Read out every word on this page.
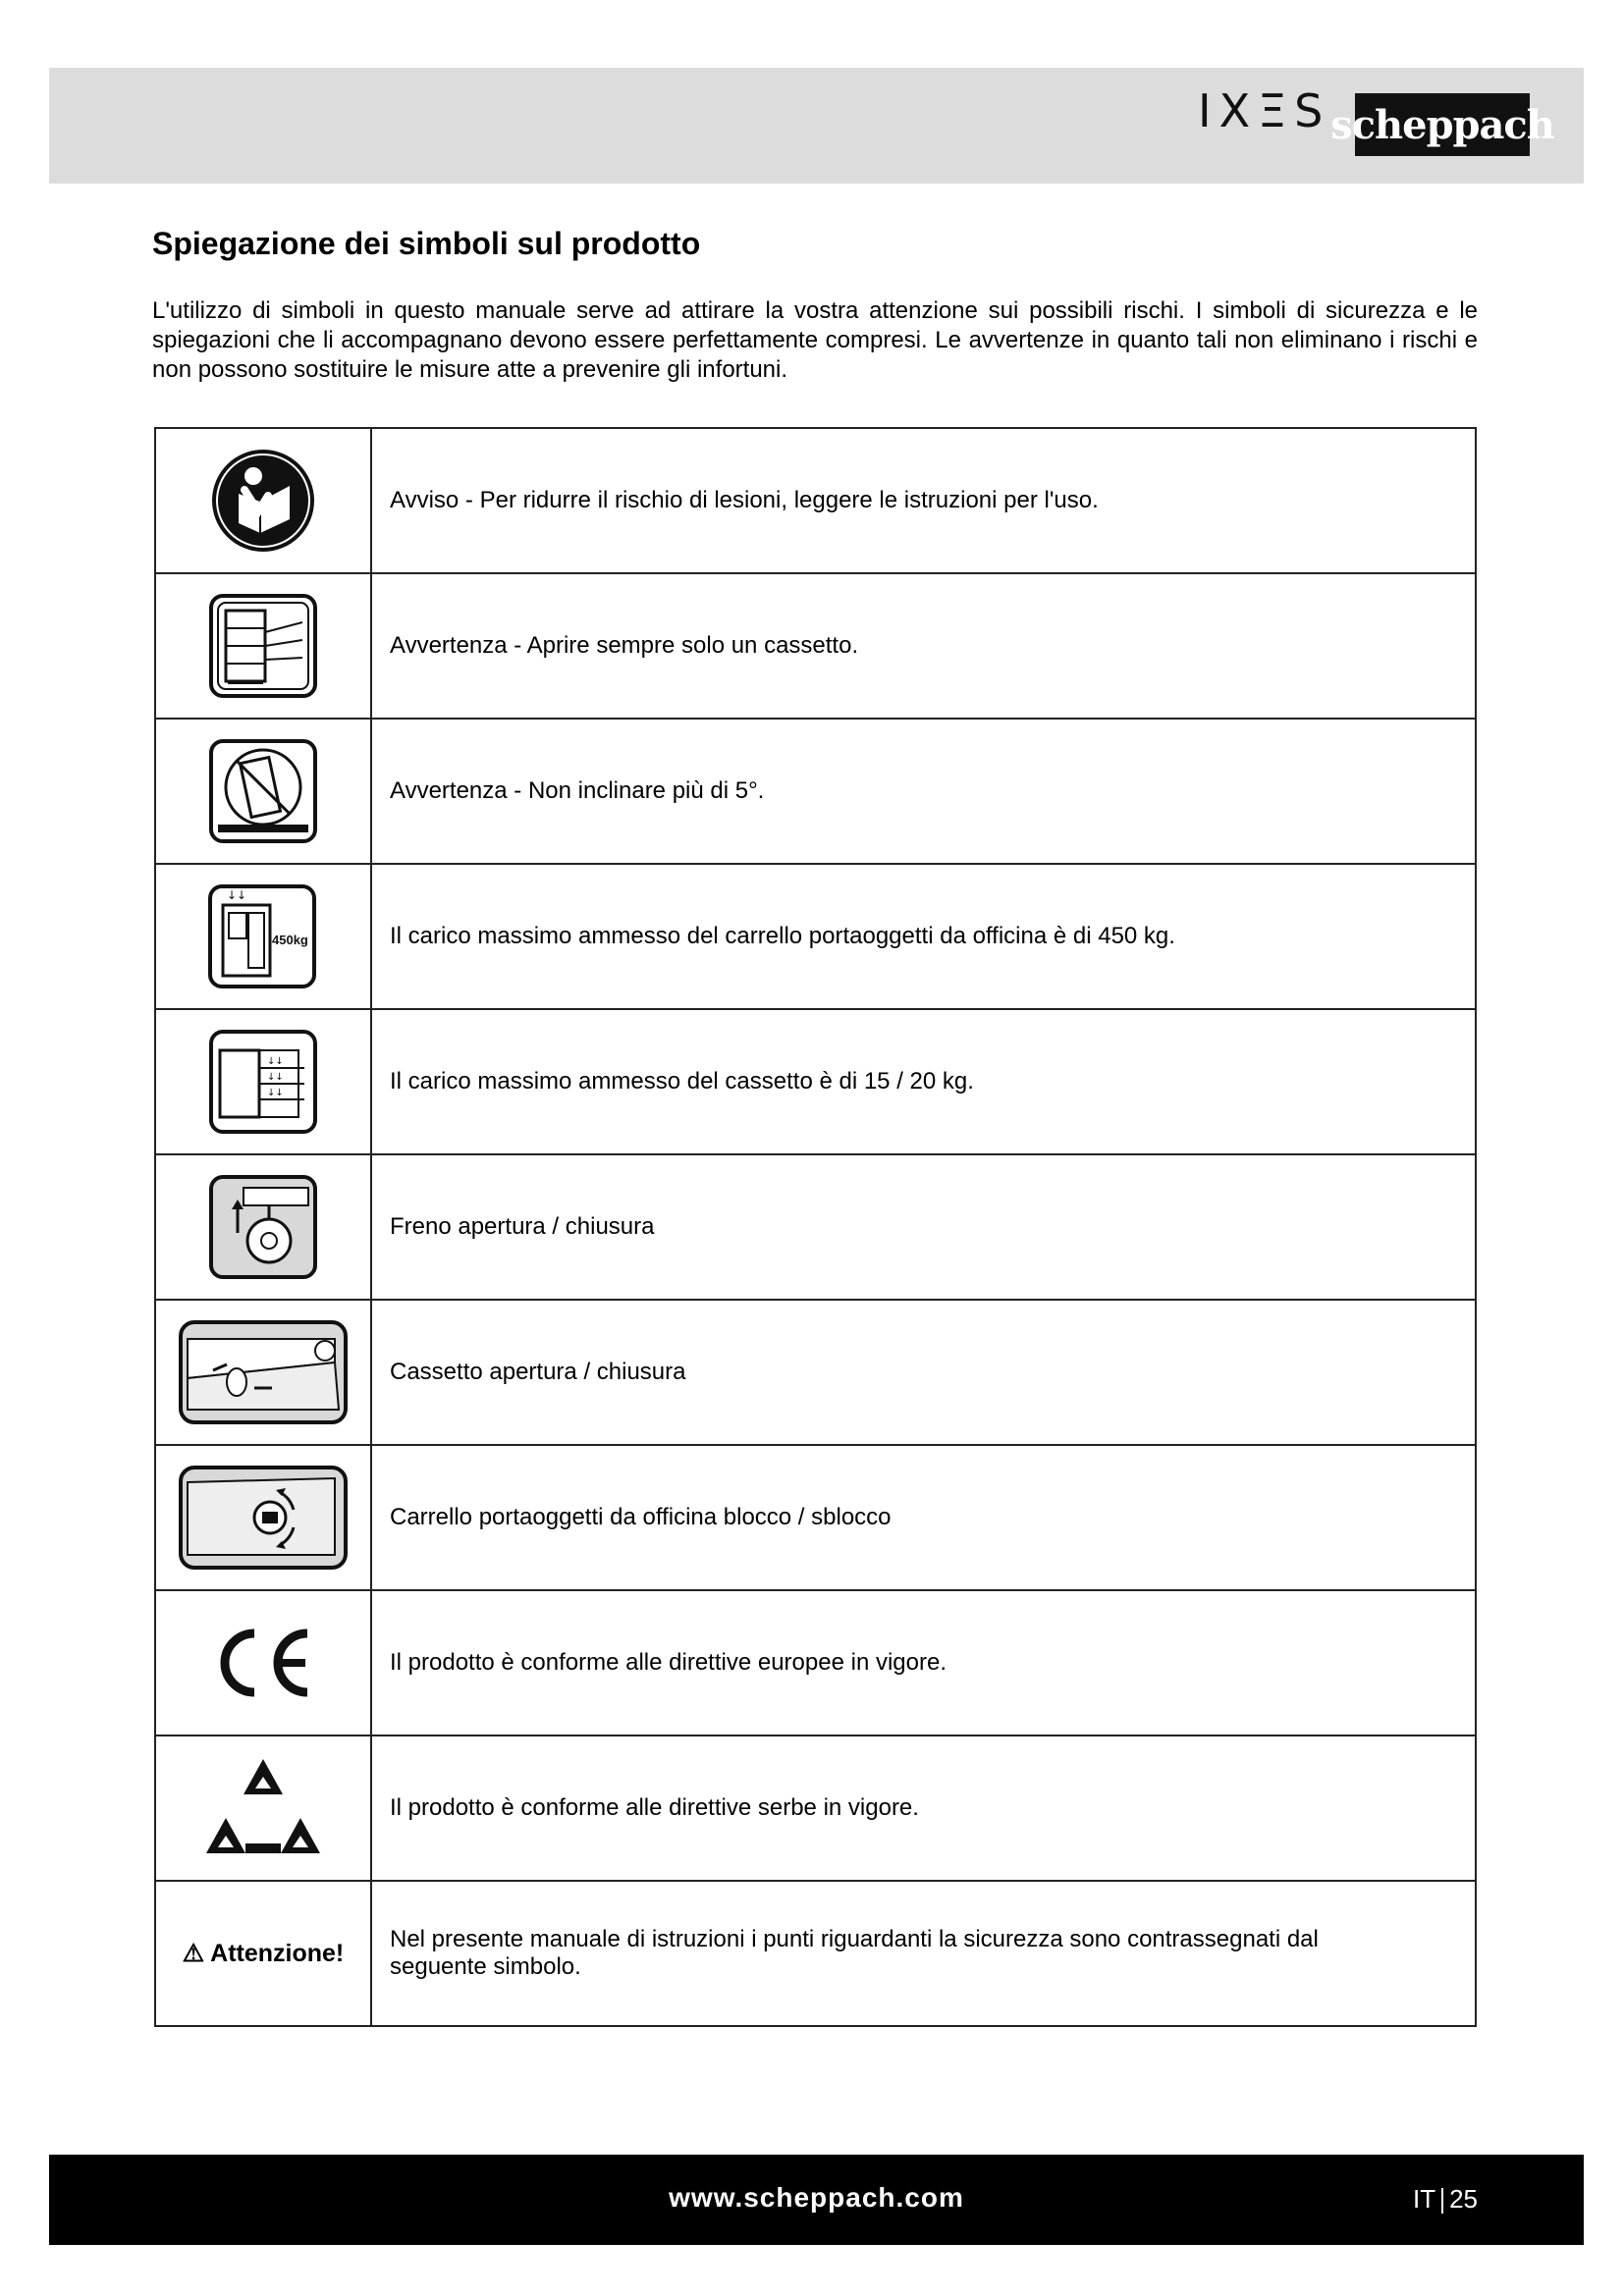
IXΞS scheppach
Spiegazione dei simboli sul prodotto

L'utilizzo di simboli in questo manuale serve ad attirare la vostra attenzione sui possibili rischi. I simboli di sicurezza e le spiegazioni che li accompagnano devono essere perfettamente compresi. Le avvertenze in quanto tali non eliminano i rischi e non possono sostituire le misure atte a prevenire gli infortuni.

	Avviso - Per ridurre il rischio di lesioni, leggere le istruzioni per l'uso.

	Avvertenza - Aprire sempre solo un cassetto.

	Avvertenza - Non inclinare più di 5°.

↓↓
450kg	Il carico massimo ammesso del carrello portaoggetti da officina è di 450 kg.

↓↓
↓↓
↓↓	Il carico massimo ammesso del cassetto è di 15 / 20 kg.

	Freno apertura / chiusura

	Cassetto apertura / chiusura

	Carrello portaoggetti da officina blocco / sblocco

	Il prodotto è conforme alle direttive europee in vigore.

	Il prodotto è conforme alle direttive serbe in vigore.
⚠ Attenzione!	Nel presente manuale di istruzioni i punti riguardanti la sicurezza sono contrassegnati dal seguente simbolo.
www.scheppach.com	IT 25
